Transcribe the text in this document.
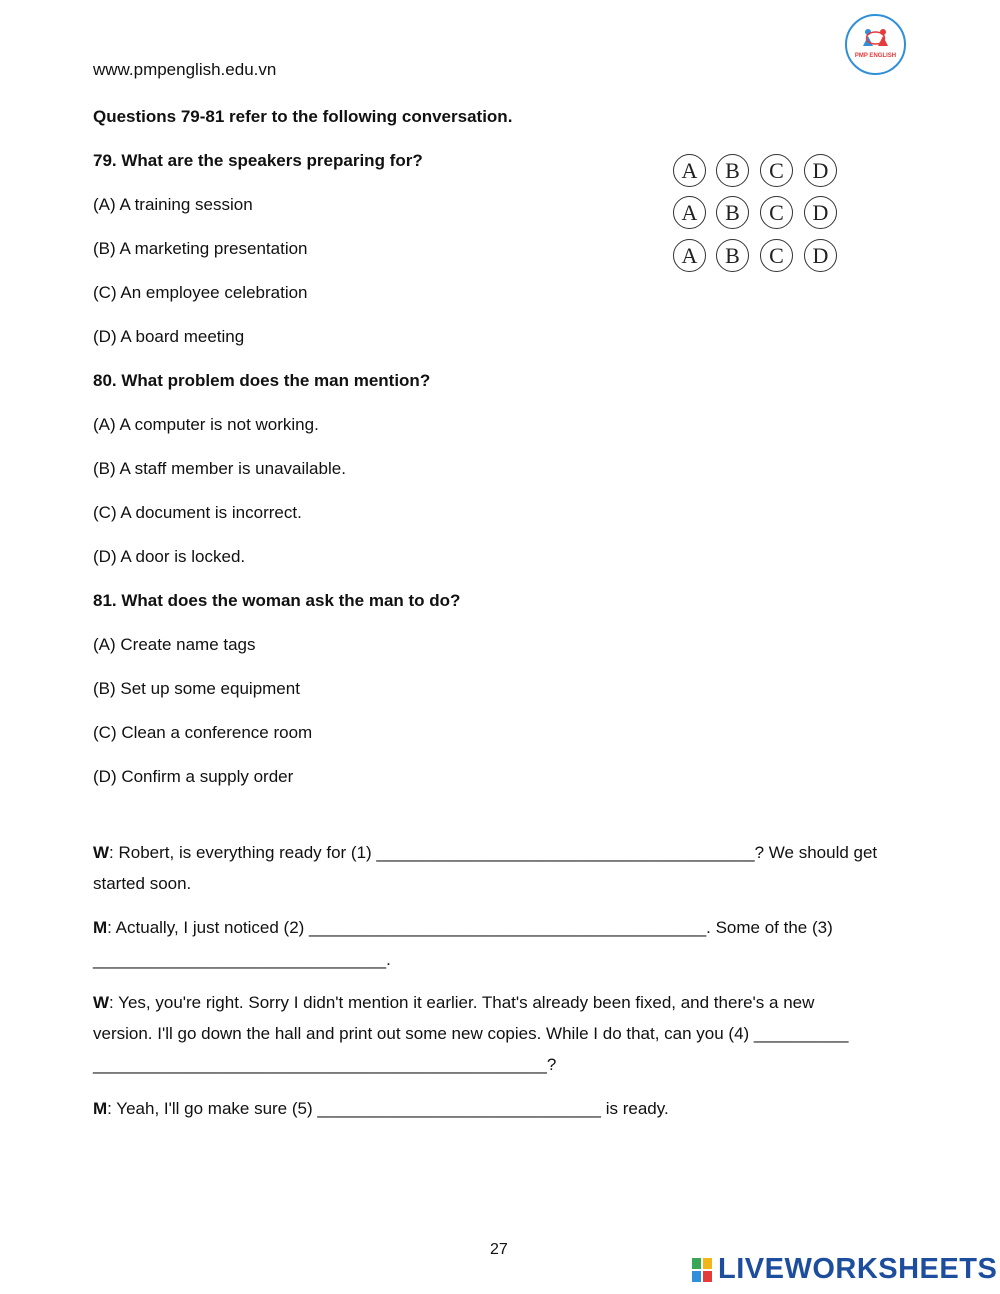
www.pmpenglish.edu.vn
PMP ENGLISH
Questions 79-81 refer to the following conversation.
79. What are the speakers preparing for?
(A) A training session
(B) A marketing presentation
(C) An employee celebration
(D) A board meeting
80. What problem does the man mention?
(A) A computer is not working.
(B) A staff member is unavailable.
(C) A document is incorrect.
(D) A door is locked.
81. What does the woman ask the man to do?
(A) Create name tags
(B) Set up some equipment
(C) Clean a conference room
(D) Confirm a supply order
A	B	C	D
A	B	C	D
A	B	C	D
W: Robert, is everything ready for (1) ________________________________________? We should get
started soon.
M: Actually, I just noticed (2) __________________________________________. Some of the (3)
_______________________________.
W: Yes, you're right. Sorry I didn't mention it earlier. That's already been fixed, and there's a new
version. I'll go down the hall and print out some new copies. While I do that, can you (4) __________
________________________________________________?
M: Yeah, I'll go make sure (5) ______________________________ is ready.
27
LIVEWORKSHEETS
